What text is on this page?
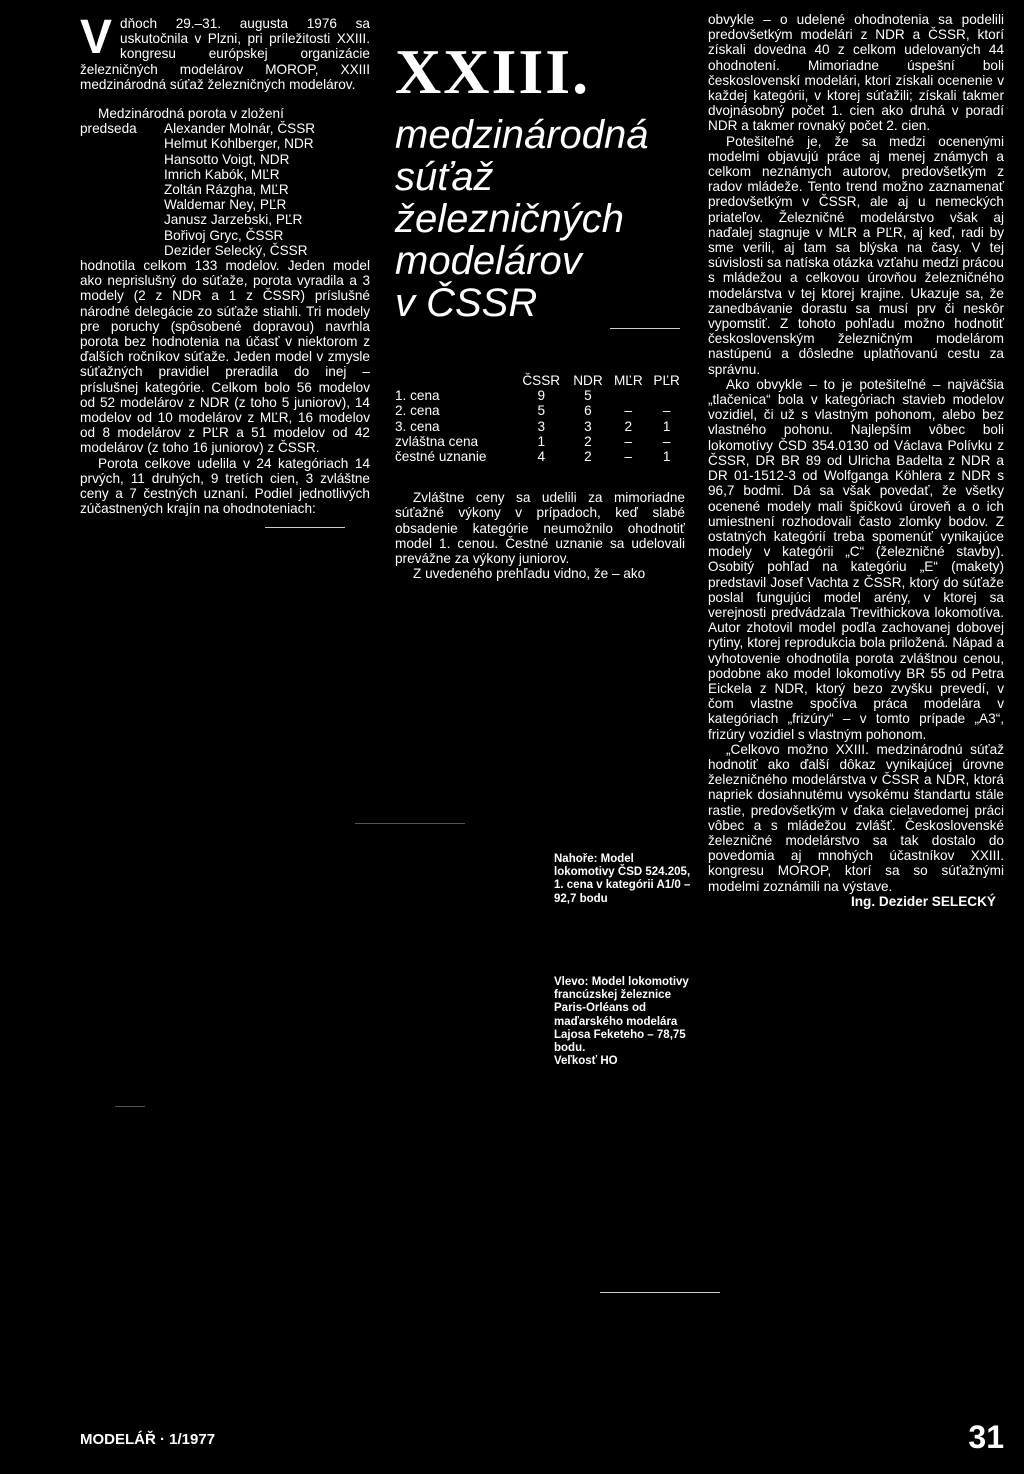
Vdňoch 29.–31. augusta 1976 sa uskutočnila v Plzni, pri príležitosti XXIII. kongresu európskej organizácie železničných modelárov MOROP, XXIII medzinárodná súťaž železničných modelárov.

Medzinárodná porota v zložení

predseda	Alexander Molnár, ČSSR
Helmut Kohlberger, NDR
Hansotto Voigt, NDR
Imrich Kabók, MĽR
Zoltán Rázgha, MĽR
Waldemar Ney, PĽR
Janusz Jarzebski, PĽR
Bořivoj Gryc, ČSSR
Dezider Selecký, ČSSR

hodnotila celkom 133 modelov. Jeden model ako neprislušný do súťaže, porota vyradila a 3 modely (2 z NDR a 1 z ČSSR) príslušné národné delegácie zo súťaže stiahli. Tri modely pre poruchy (spôsobené dopravou) navrhla porota bez hodnotenia na účasť v niektorom z ďalších ročníkov súťaže. Jeden model v zmysle súťažných pravidiel preradila do inej – príslušnej kategórie. Celkom bolo 56 modelov od 52 modelárov z NDR (z toho 5 juniorov), 14 modelov od 10 modelárov z MĽR, 16 modelov od 8 modelárov z PĽR a 51 modelov od 42 modelárov (z toho 16 juniorov) z ČSSR.

Porota celkove udelila v 24 kategóriach 14 prvých, 11 druhých, 9 tretích cien, 3 zvláštne ceny a 7 čestných uznaní. Podiel jednotlivých zúčastnených krajín na ohodnoteniach:

XXIII.
medzinárodná
súťaž
železničných
modelárov
v ČSSR
	ČSSR	NDR	MĽR	PĽR
1. cena	9	5		
2. cena	5	6	–	–
3. cena	3	3	2	1
zvláštna cena	1	2	–	–
čestné uznanie	4	2	–	1

Zvláštne ceny sa udelili za mimoriadne súťažné výkony v prípadoch, keď slabé obsadenie kategórie neumožnilo ohodnotiť model 1. cenou. Čestné uznanie sa udelovali prevážne za výkony juniorov.

Z uvedeného prehľadu vidno, že – ako

Nahoře: Model lokomotivy ČSD 524.205, 1. cena v kategórii A1/0 – 92,7 bodu
Vlevo: Model lokomotivy francúzskej železnice Paris-Orléans od maďarského modelára Lajosa Feketeho – 78,75 bodu.
Veľkosť HO

obvykle – o udelené ohodnotenia sa podelili predovšetkým modelári z NDR a ČSSR, ktorí získali dovedna 40 z celkom udelovaných 44 ohodnotení. Mimoriadne úspešní boli československí modelári, ktorí získali ocenenie v každej kategórii, v ktorej súťažili; získali takmer dvojnásobný počet 1. cien ako druhá v poradí NDR a takmer rovnaký počet 2. cien.

Potešiteľné je, že sa medzi ocenenými modelmi objavujú práce aj menej známych a celkom neznámych autorov, predovšetkým z radov mládeže. Tento trend možno zaznamenať predovšetkým v ČSSR, ale aj u nemeckých priateľov. Železničné modelárstvo však aj naďalej stagnuje v MĽR a PĽR, aj keď, radi by sme verili, aj tam sa blýska na časy. V tej súvislosti sa natíska otázka vzťahu medzi prácou s mládežou a celkovou úrovňou železničného modelárstva v tej ktorej krajine. Ukazuje sa, že zanedbávanie dorastu sa musí prv či neskôr vypomstiť. Z tohoto pohľadu možno hodnotiť československým železničným modelárom nastúpenú a dôsledne uplatňovanú cestu za správnu.

Ako obvykle – to je potešiteľné – najväčšia „tlačenica“ bola v kategóriach stavieb modelov vozidiel, či už s vlastným pohonom, alebo bez vlastného pohonu. Najlepším vôbec boli lokomotívy ČSD 354.0130 od Václava Polívku z ČSSR, DR BR 89 od Ulricha Badelta z NDR a DR 01-1512-3 od Wolfganga Köhlera z NDR s 96,7 bodmi. Dá sa však povedať, že všetky ocenené modely mali špičkovú úroveň a o ich umiestnení rozhodovali často zlomky bodov. Z ostatných kategórií treba spomenúť vynikajúce modely v kategórii „C“ (železničné stavby). Osobitý pohľad na kategóriu „E“ (makety) predstavil Josef Vachta z ČSSR, ktorý do súťaže poslal fungujúci model arény, v ktorej sa verejnosti predvádzala Trevithickova lokomotíva. Autor zhotovil model podľa zachovanej dobovej rytiny, ktorej reprodukcia bola priložená. Nápad a vyhotovenie ohodnotila porota zvláštnou cenou, podobne ako model lokomotívy BR 55 od Petra Eickela z NDR, ktorý bezo zvyšku prevedí, v čom vlastne spočíva práca modelára v kategóriach „frizúry“ – v tomto prípade „A3“, frizúry vozidiel s vlastným pohonom.

„Celkovo možno XXIII. medzinárodnú súťaž hodnotiť ako ďalší dôkaz vynikajúcej úrovne železničného modelárstva v ČSSR a NDR, ktorá napriek dosiahnutému vysokému štandartu stále rastie, predovšetkým v ďaka cielavedomej práci vôbec a s mládežou zvlášť. Československé železničné modelárstvo sa tak dostalo do povedomia aj mnohých účastníkov XXIII. kongresu MOROP, ktorí sa so súťažnými modelmi zoznámili na výstave.

Ing. Dezider SELECKÝ

MODELÁŘ · 1/1977	31
